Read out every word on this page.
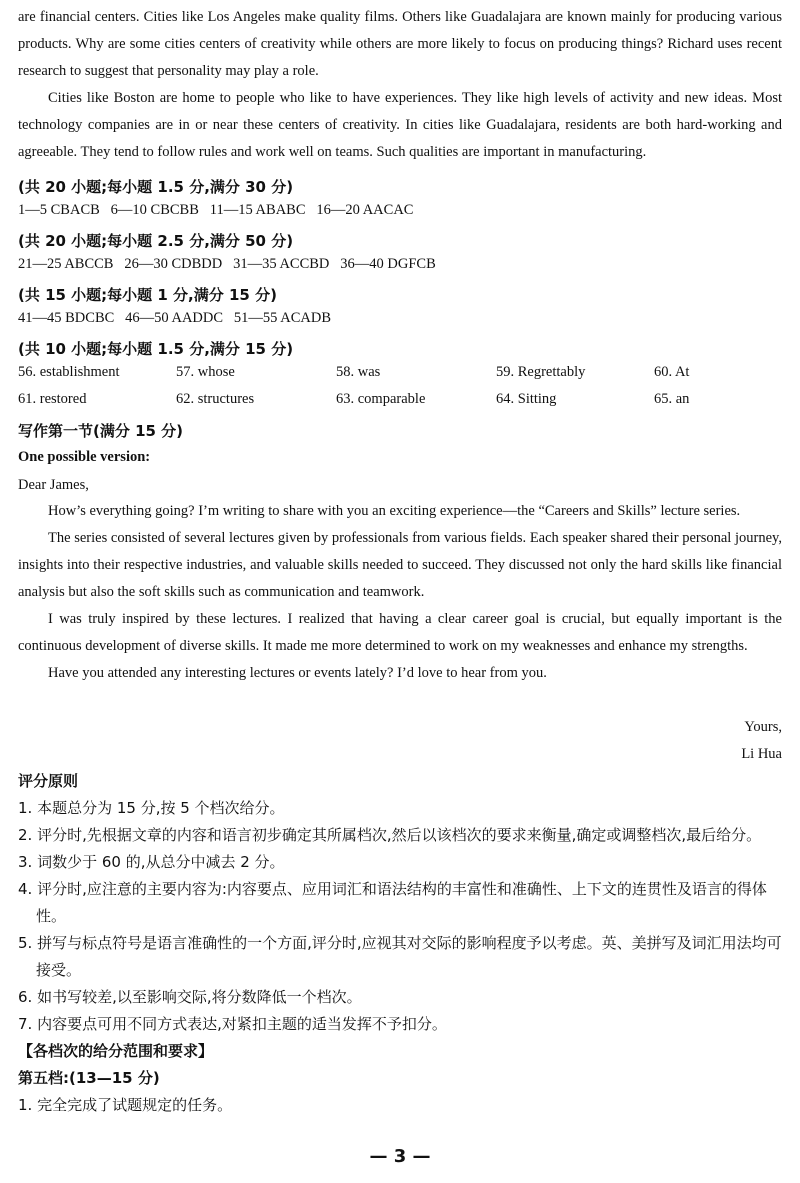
are financial centers. Cities like Los Angeles make quality films. Others like Guadalajara are known mainly for producing various products. Why are some cities centers of creativity while others are more likely to focus on producing things? Richard uses recent research to suggest that personality may play a role.

Cities like Boston are home to people who like to have experiences. They like high levels of activity and new ideas. Most technology companies are in or near these centers of creativity. In cities like Guadalajara, residents are both hard-working and agreeable. They tend to follow rules and work well on teams. Such qualities are important in manufacturing.

(共 20 小题;每小题 1.5 分,满分 30 分)
1—5 CBACB   6—10 CBCBB   11—15 ABABC   16—20 AACAC
(共 20 小题;每小题 2.5 分,满分 50 分)
21—25 ABCCB   26—30 CDBDD   31—35 ACCBD   36—40 DGFCB
(共 15 小题;每小题 1 分,满分 15 分)
41—45 BDCBC   46—50 AADDC   51—55 ACADB
(共 10 小题;每小题 1.5 分,满分 15 分)
56. establishment	57. whose	58. was	59. Regrettably	60. At
61. restored	62. structures	63. comparable	64. Sitting	65. an
写作第一节(满分 15 分)
One possible version:
Dear James,

How’s everything going? I’m writing to share with you an exciting experience—the “Careers and Skills” lecture series.

The series consisted of several lectures given by professionals from various fields. Each speaker shared their personal journey, insights into their respective industries, and valuable skills needed to succeed. They discussed not only the hard skills like financial analysis but also the soft skills such as communication and teamwork.

I was truly inspired by these lectures. I realized that having a clear career goal is crucial, but equally important is the continuous development of diverse skills. It made me more determined to work on my weaknesses and enhance my strengths.

Have you attended any interesting lectures or events lately? I’d love to hear from you.

Yours,
Li Hua
评分原则

1. 本题总分为 15 分,按 5 个档次给分。

2. 评分时,先根据文章的内容和语言初步确定其所属档次,然后以该档次的要求来衡量,确定或调整档次,最后给分。

3. 词数少于 60 的,从总分中减去 2 分。

4. 评分时,应注意的主要内容为:内容要点、应用词汇和语法结构的丰富性和准确性、上下文的连贯性及语言的得体性。

5. 拼写与标点符号是语言准确性的一个方面,评分时,应视其对交际的影响程度予以考虑。英、美拼写及词汇用法均可接受。

6. 如书写较差,以至影响交际,将分数降低一个档次。

7. 内容要点可用不同方式表达,对紧扣主题的适当发挥不予扣分。

【各档次的给分范围和要求】

第五档:(13—15 分)

1. 完全完成了试题规定的任务。

— 3 —
